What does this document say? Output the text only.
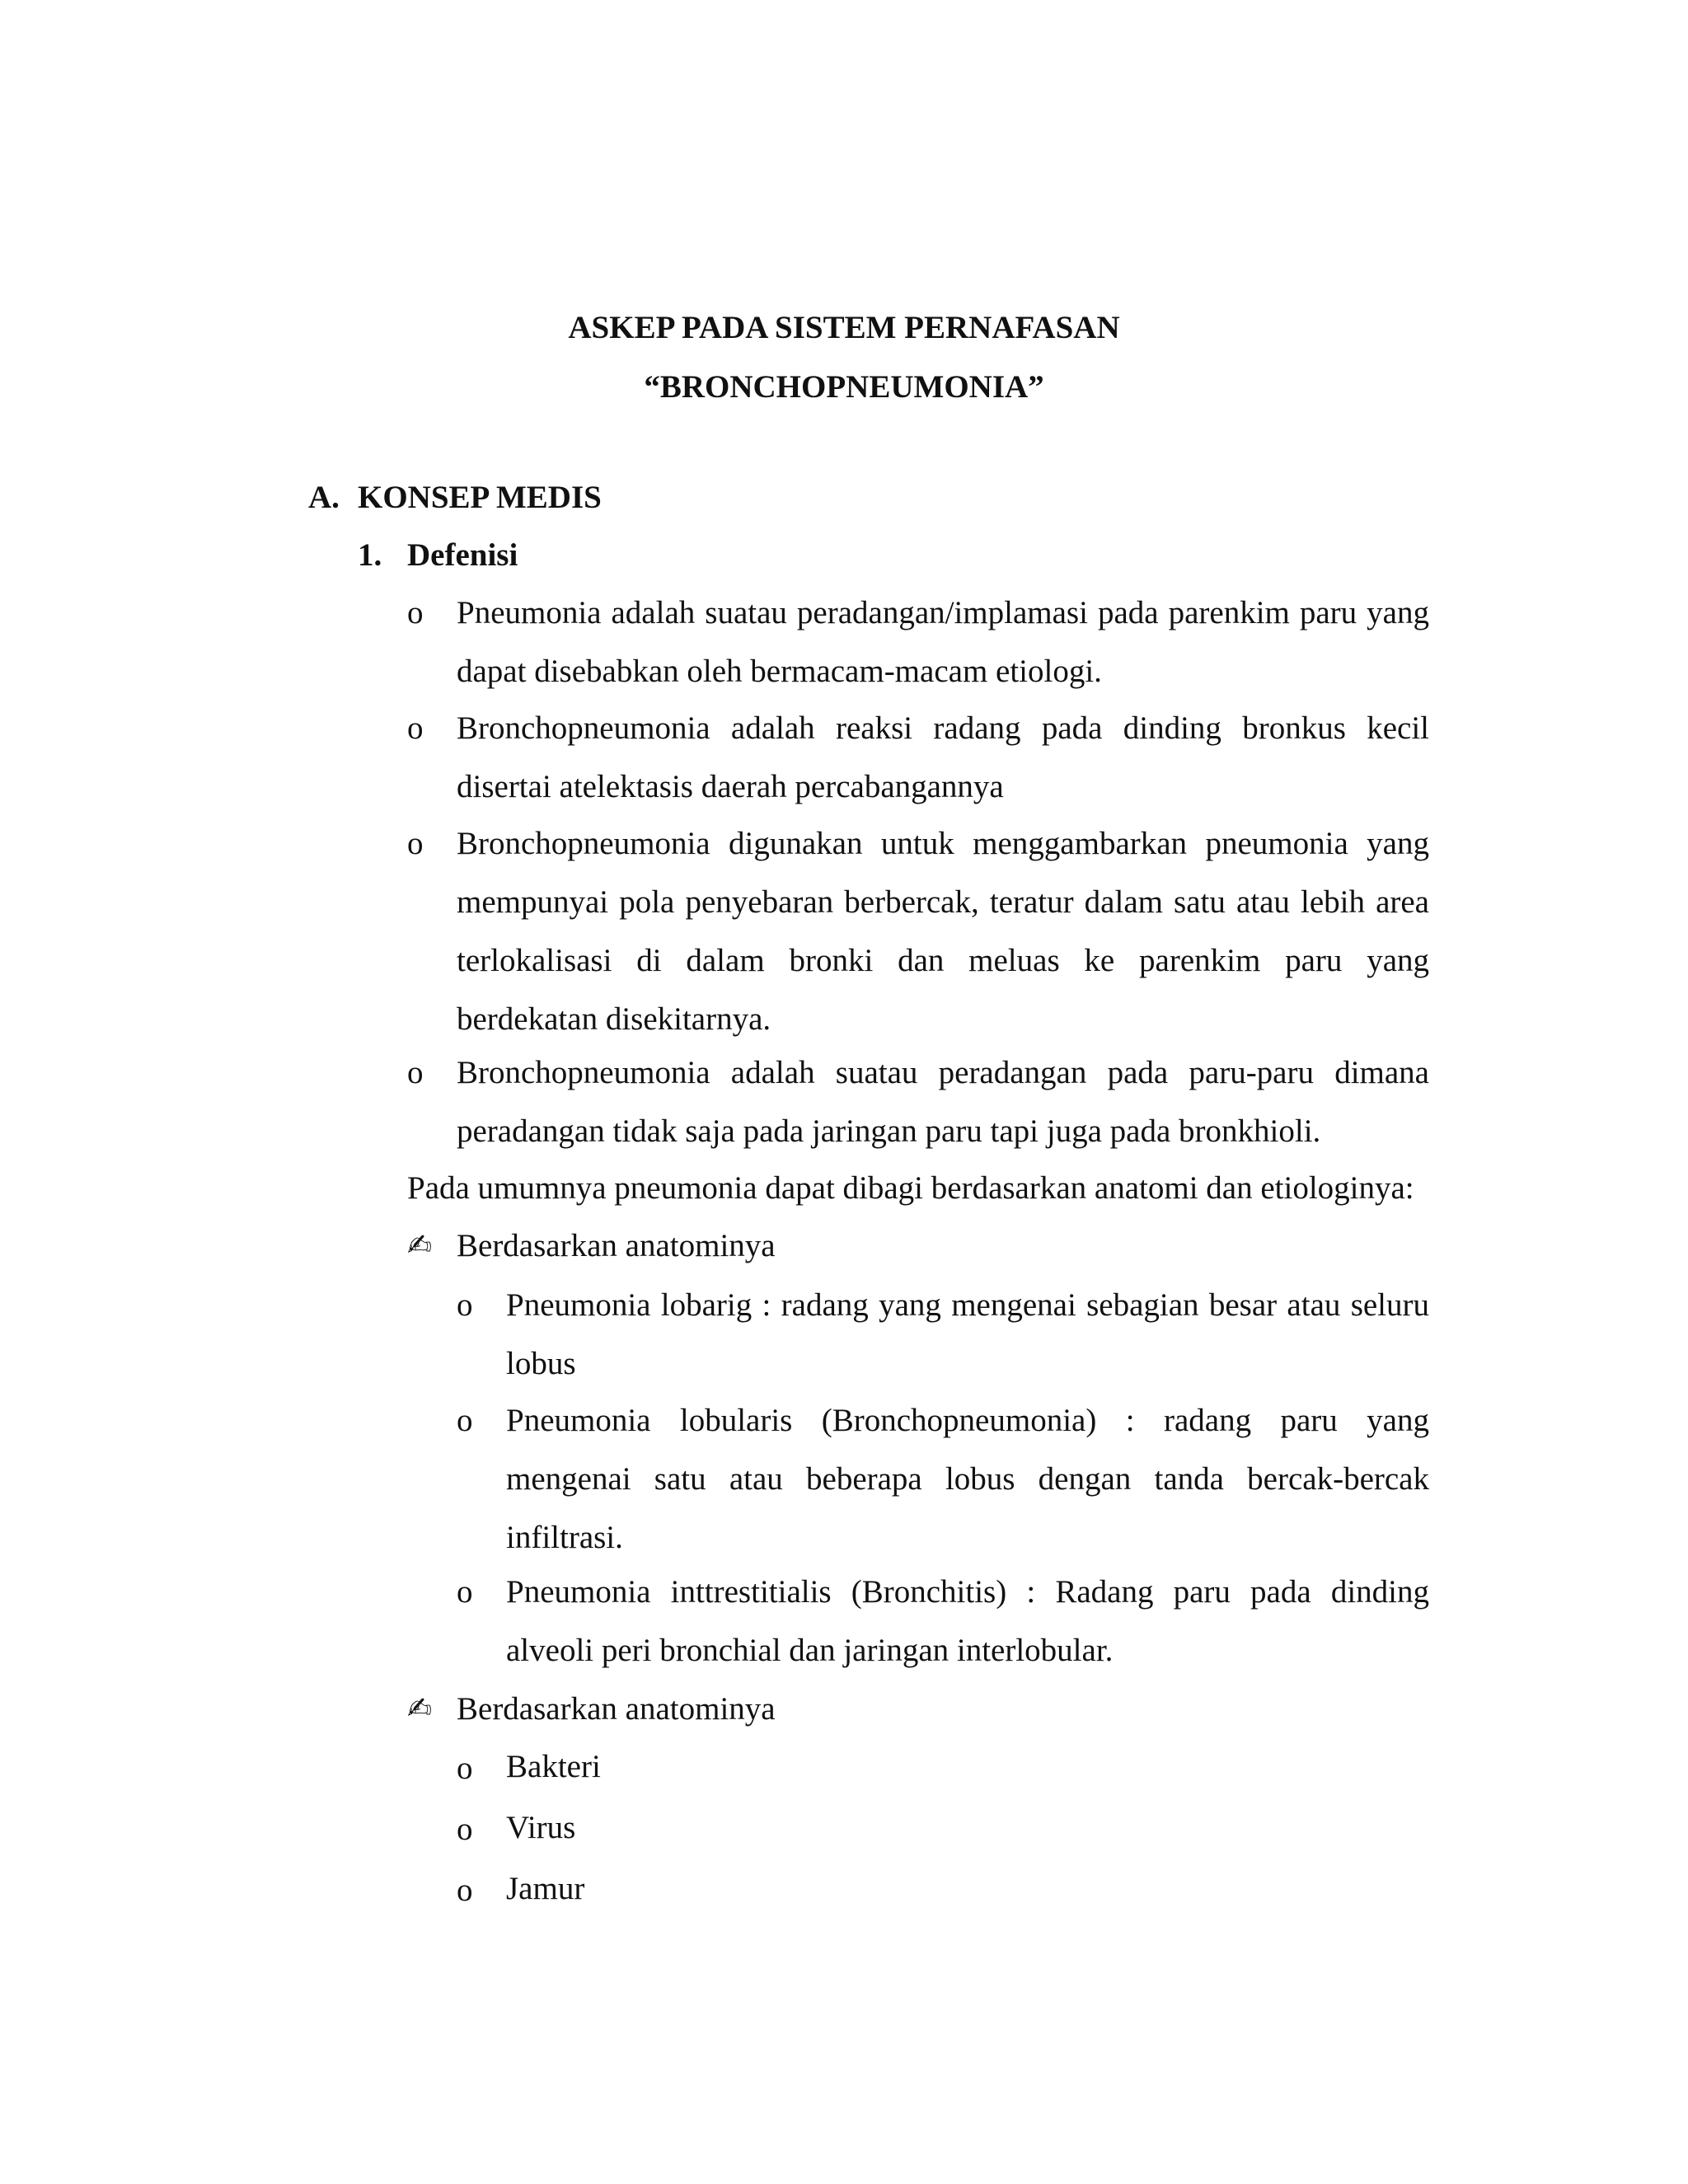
ASKEP PADA SISTEM PERNAFASAN
“BRONCHOPNEUMONIA”
A. KONSEP MEDIS
1. Defenisi
o Pneumonia adalah suatau peradangan/implamasi pada parenkim paru yang dapat disebabkan oleh bermacam-macam etiologi.
o Bronchopneumonia adalah reaksi radang pada dinding bronkus kecil disertai atelektasis daerah percabangannya
o Bronchopneumonia digunakan untuk menggambarkan pneumonia yang mempunyai pola penyebaran berbercak, teratur dalam satu atau lebih area terlokalisasi di dalam bronki dan meluas ke parenkim paru yang berdekatan disekitarnya.
o Bronchopneumonia adalah suatau peradangan pada paru-paru dimana peradangan tidak saja pada jaringan paru tapi juga pada bronkhioli.
Pada umumnya pneumonia dapat dibagi berdasarkan anatomi dan etiologinya:
✍ Berdasarkan anatominya
o Pneumonia lobarig : radang yang mengenai sebagian besar atau seluru lobus
o Pneumonia lobularis (Bronchopneumonia) : radang paru yang mengenai satu atau beberapa lobus dengan tanda bercak-bercak infiltrasi.
o Pneumonia inttrestitialis (Bronchitis) : Radang paru pada dinding alveoli peri bronchial dan jaringan interlobular.
✍ Berdasarkan anatominya
o Bakteri
o Virus
o Jamur
